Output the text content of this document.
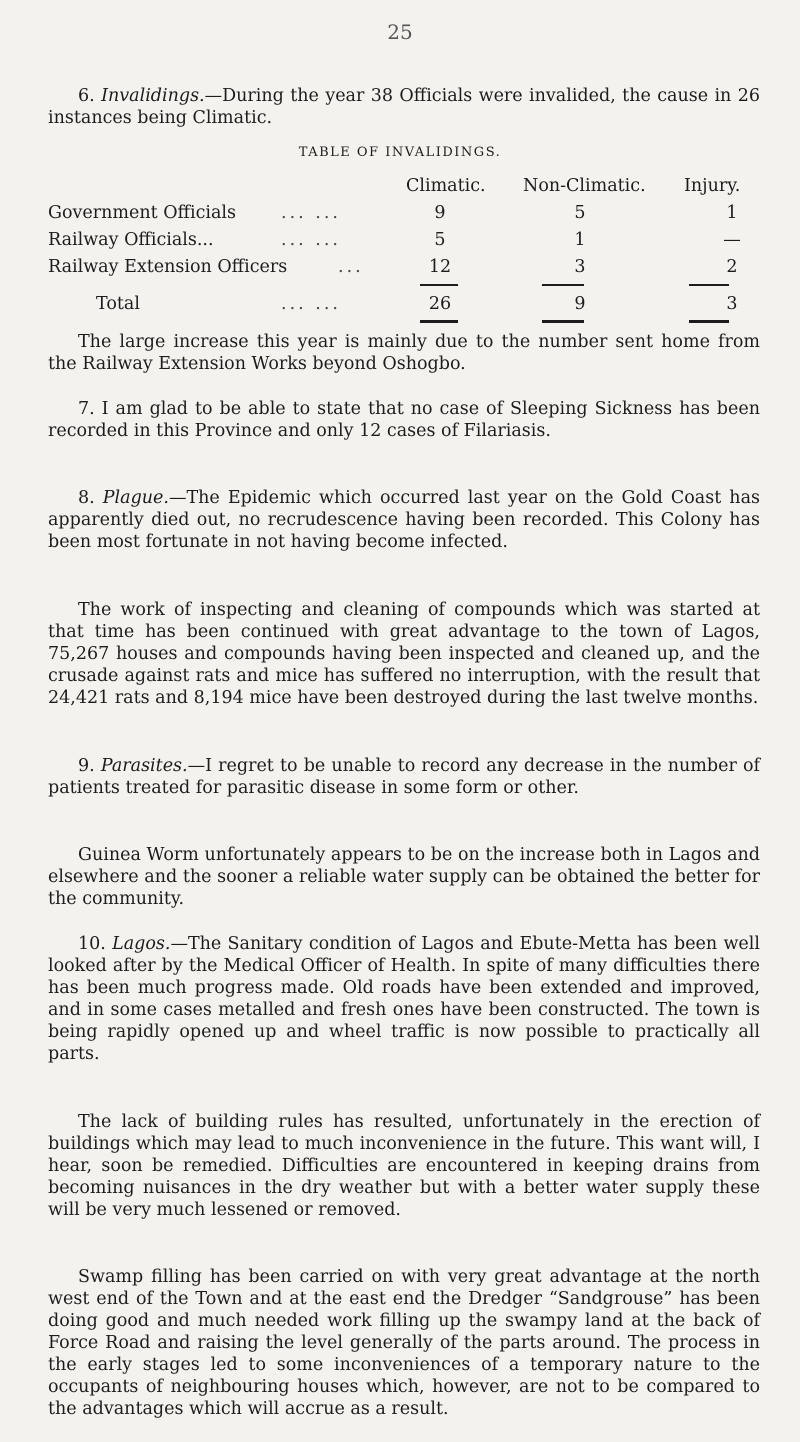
25

6. Invalidings.—During the year 38 Officials were invalided, the cause in 26 instances being Climatic.

TABLE OF INVALIDINGS.
Climatic. Non-Climatic. Injury.
Government Officials	... ...	9	5	1
Railway Officials...	... ...	5	1	—
Railway Extension Officers	...	12	3	2
Total	... ...	26	9	3

The large increase this year is mainly due to the number sent home from the Railway Extension Works beyond Oshogbo.

7. I am glad to be able to state that no case of Sleeping Sickness has been recorded in this Province and only 12 cases of Filariasis.

8. Plague.—The Epidemic which occurred last year on the Gold Coast has apparently died out, no recrudescence having been recorded. This Colony has been most fortunate in not having become infected.

The work of inspecting and cleaning of compounds which was started at that time has been continued with great advantage to the town of Lagos, 75,267 houses and compounds having been inspected and cleaned up, and the crusade against rats and mice has suffered no interruption, with the result that 24,421 rats and 8,194 mice have been destroyed during the last twelve months.

9. Parasites.—I regret to be unable to record any decrease in the number of patients treated for parasitic disease in some form or other.

Guinea Worm unfortunately appears to be on the increase both in Lagos and elsewhere and the sooner a reliable water supply can be obtained the better for the community.

10. Lagos.—The Sanitary condition of Lagos and Ebute-Metta has been well looked after by the Medical Officer of Health. In spite of many difficulties there has been much progress made. Old roads have been extended and improved, and in some cases metalled and fresh ones have been constructed. The town is being rapidly opened up and wheel traffic is now possible to practically all parts.

The lack of building rules has resulted, unfortunately in the erection of buildings which may lead to much inconvenience in the future. This want will, I hear, soon be remedied. Difficulties are encountered in keeping drains from becoming nuisances in the dry weather but with a better water supply these will be very much lessened or removed.

Swamp filling has been carried on with very great advantage at the north west end of the Town and at the east end the Dredger “Sandgrouse” has been doing good and much needed work filling up the swampy land at the back of Force Road and raising the level generally of the parts around. The process in the early stages led to some inconveniences of a temporary nature to the occupants of neighbouring houses which, however, are not to be compared to the advantages which will accrue as a result.
